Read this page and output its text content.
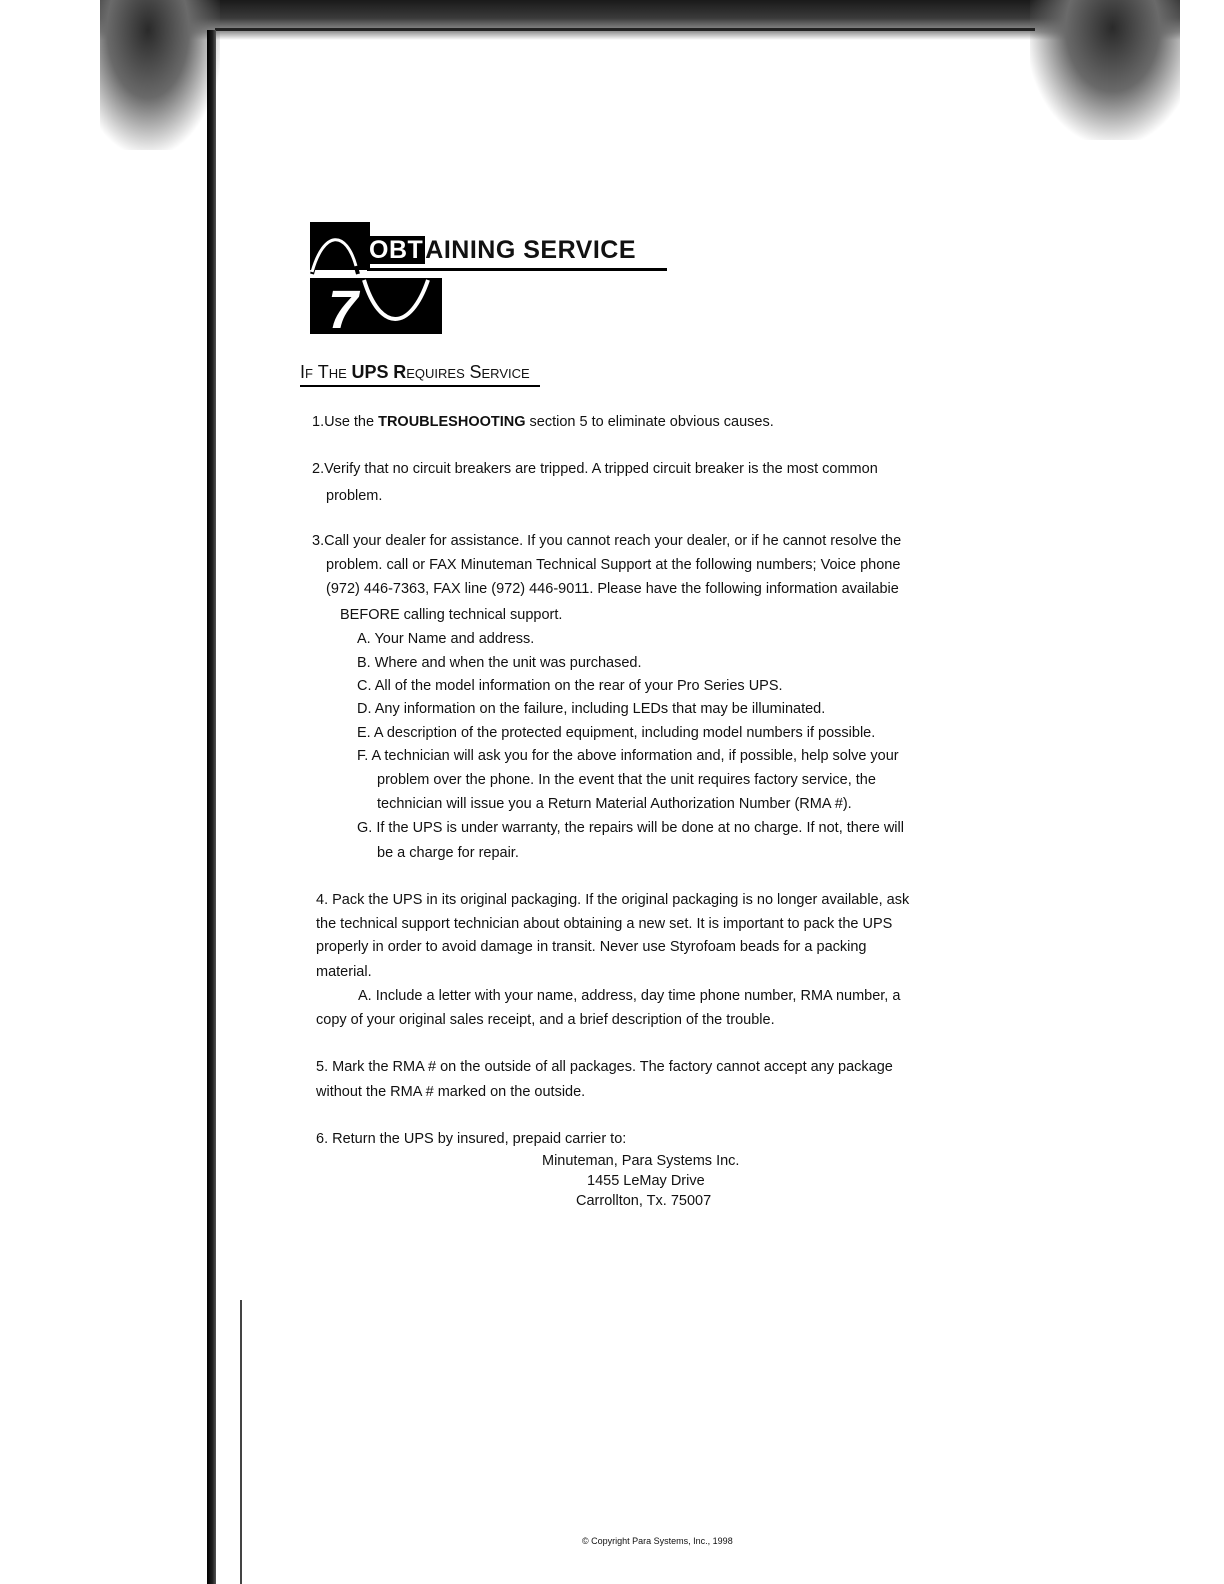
7
OBTAINING SERVICE
IF THE UPS REQUIRES SERVICE
1.Use the TROUBLESHOOTING section 5 to eliminate obvious causes.
2.Verify that no circuit breakers are tripped. A tripped circuit breaker is the most common
problem.
3.Call your dealer for assistance. If you cannot reach your dealer, or if he cannot resolve the
problem. call or FAX Minuteman Technical Support at the following numbers; Voice phone
(972) 446-7363, FAX line (972) 446-9011. Please have the following information availabie
BEFORE calling technical support.
A. Your Name and address.
B. Where and when the unit was purchased.
C. All of the model information on the rear of your Pro Series UPS.
D. Any information on the failure, including LEDs that may be illuminated.
E. A description of the protected equipment, including model numbers if possible.
F. A technician will ask you for the above information and, if possible, help solve your
problem over the phone. In the event that the unit requires factory service, the
technician will issue you a Return Material Authorization Number (RMA #).
G. If the UPS is under warranty, the repairs will be done at no charge. If not, there will
be a charge for repair.
4. Pack the UPS in its original packaging. If the original packaging is no longer available, ask
the technical support technician about obtaining a new set. It is important to pack the UPS
properly in order to avoid damage in transit. Never use Styrofoam beads for a packing
material.
A. Include a letter with your name, address, day time phone number, RMA number, a
copy of your original sales receipt, and a brief description of the trouble.
5. Mark the RMA # on the outside of all packages. The factory cannot accept any package
without the RMA # marked on the outside.
6. Return the UPS by insured, prepaid carrier to:
Minuteman, Para Systems Inc.
1455 LeMay Drive
Carrollton, Tx. 75007
© Copyright Para Systems, Inc., 1998
